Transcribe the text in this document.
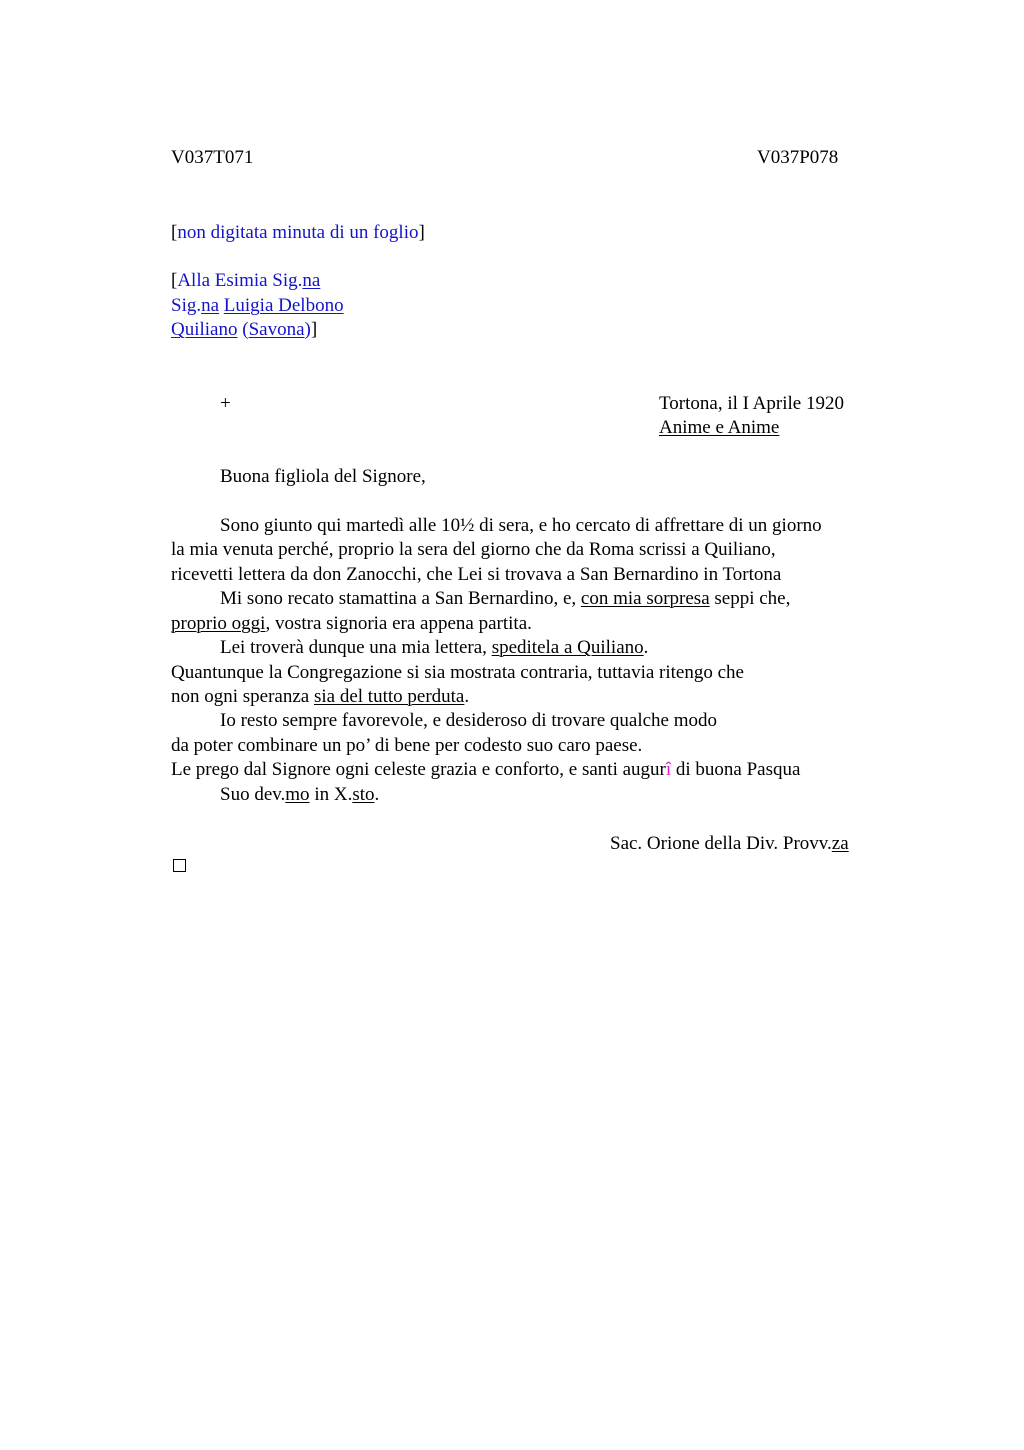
V037T071	V037P078
[non digitata minuta di un foglio]
[Alla Esimia Sig.na
Sig.na Luigia Delbono
Quiliano (Savona)]
+	Tortona, il I Aprile 1920
Anime e Anime
Buona figliola del Signore,
Sono giunto qui martedì alle 10½ di sera, e ho cercato di affrettare di un giorno
la mia venuta perché, proprio la sera del giorno che da Roma scrissi a Quiliano,
ricevetti lettera da don Zanocchi, che Lei si trovava a San Bernardino in Tortona
Mi sono recato stamattina a San Bernardino, e, con mia sorpresa seppi che,
proprio oggi, vostra signoria era appena partita.
Lei troverà dunque una mia lettera, speditela a Quiliano.
Quantunque la Congregazione si sia mostrata contraria, tuttavia ritengo che
non ogni speranza sia del tutto perduta.
Io resto sempre favorevole, e desideroso di trovare qualche modo
da poter combinare un po’ di bene per codesto suo caro paese.
Le prego dal Signore ogni celeste grazia e conforto, e santi augurî di buona Pasqua
Suo dev.mo in X.sto.
Sac. Orione della Div. Provv.za
